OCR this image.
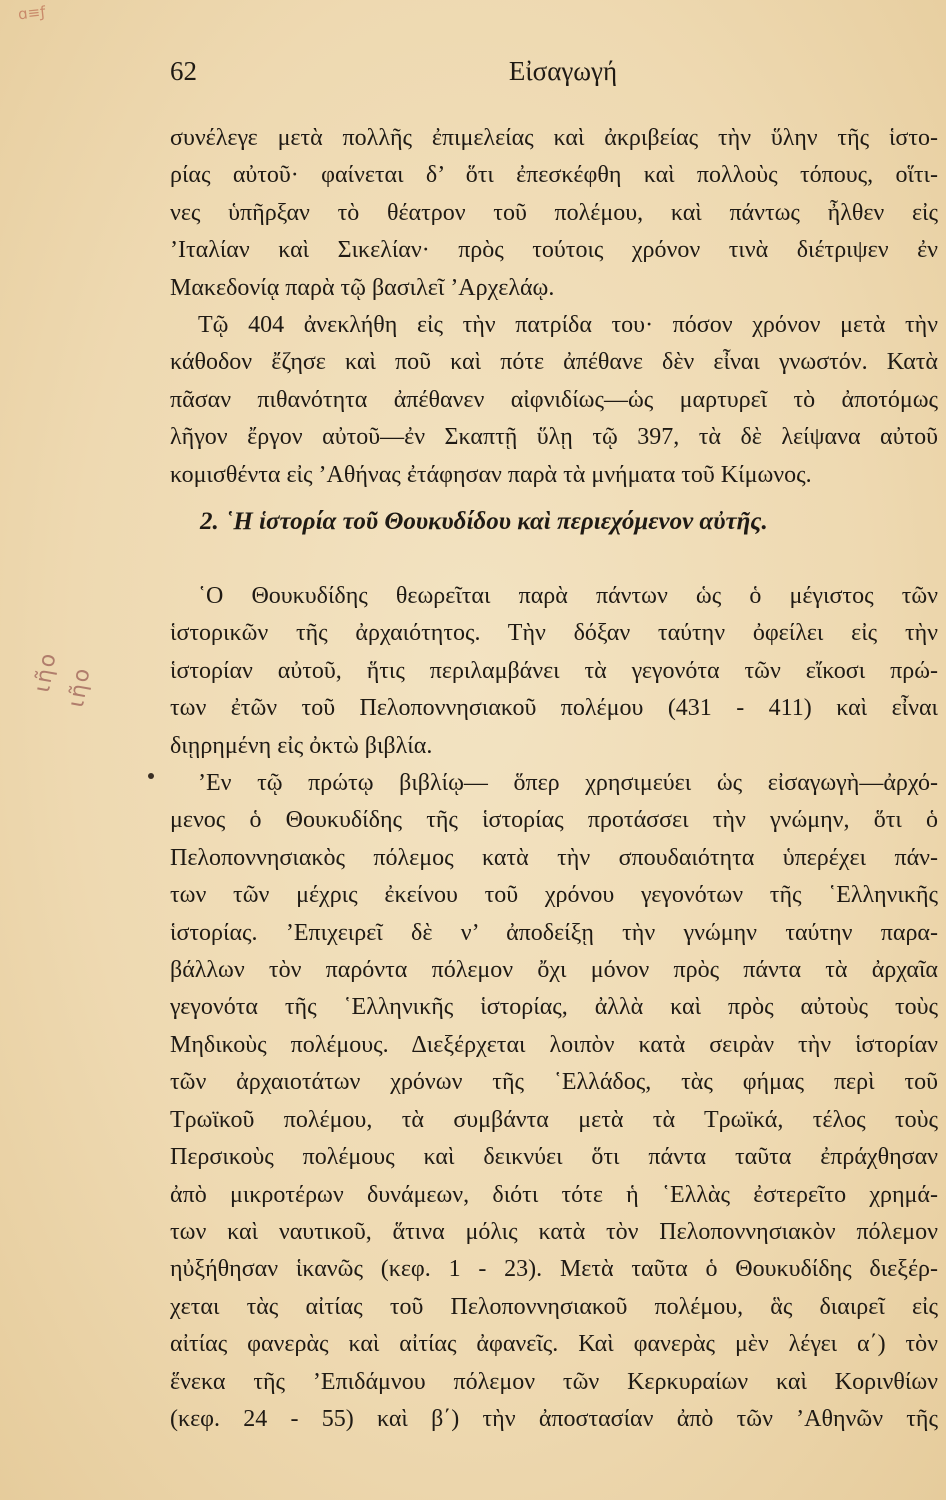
ɑ≡ƒ
62	Εἰσαγωγή
ιη̃ο ιη̃ο

συνέλεγε μετὰ πολλῆς ἐπιμελείας καὶ ἀκριβείας τὴν ὕλην τῆς ἱστο-
ρίας αὐτοῦ· φαίνεται δ’ ὅτι ἐπεσκέφθη καὶ πολλοὺς τόπους, οἵτι-
νες ὑπῆρξαν τὸ θέατρον τοῦ πολέμου, καὶ πάντως ἦλθεν εἰς
’Ιταλίαν καὶ Σικελίαν· πρὸς τούτοις χρόνον τινὰ διέτριψεν ἐν
Μακεδονίᾳ παρὰ τῷ βασιλεῖ ’Αρχελάῳ.

Τῷ 404 ἀνεκλήθη εἰς τὴν πατρίδα του· πόσον χρόνον μετὰ τὴν
κάθοδον ἔζησε καὶ ποῦ καὶ πότε ἀπέθανε δὲν εἶναι γνωστόν. Κατὰ
πᾶσαν πιθανότητα ἀπέθανεν αἰφνιδίως—ὡς μαρτυρεῖ τὸ ἀποτόμως
λῆγον ἔργον αὐτοῦ—ἐν Σκαπτῇ ὕλῃ τῷ 397, τὰ δὲ λείψανα αὐτοῦ
κομισθέντα εἰς ’Αθήνας ἐτάφησαν παρὰ τὰ μνήματα τοῦ Κίμωνος.

2. ῾Η ἱστορία τοῦ Θουκυδίδου καὶ περιεχόμενον αὐτῆς.

῾Ο Θουκυδίδης θεωρεῖται παρὰ πάντων ὡς ὁ μέγιστος τῶν
ἱστορικῶν τῆς ἀρχαιότητος. Τὴν δόξαν ταύτην ὀφείλει εἰς τὴν
ἱστορίαν αὐτοῦ, ἥτις περιλαμβάνει τὰ γεγονότα τῶν εἴκοσι πρώ-
των ἐτῶν τοῦ Πελοποννησιακοῦ πολέμου (431 - 411) καὶ εἶναι
διῃρημένη εἰς ὀκτὼ βιβλία.

’Εν τῷ πρώτῳ βιβλίῳ— ὅπερ χρησιμεύει ὡς εἰσαγωγὴ—ἀρχό-
μενος ὁ Θουκυδίδης τῆς ἱστορίας προτάσσει τὴν γνώμην, ὅτι ὁ
Πελοποννησιακὸς πόλεμος κατὰ τὴν σπουδαιότητα ὑπερέχει πάν-
των τῶν μέχρις ἐκείνου τοῦ χρόνου γεγονότων τῆς ῾Ελληνικῆς
ἱστορίας. ’Επιχειρεῖ δὲ ν’ ἀποδείξῃ τὴν γνώμην ταύτην παρα-
βάλλων τὸν παρόντα πόλεμον ὄχι μόνον πρὸς πάντα τὰ ἀρχαῖα
γεγονότα τῆς ῾Ελληνικῆς ἱστορίας, ἀλλὰ καὶ πρὸς αὐτοὺς τοὺς
Μηδικοὺς πολέμους. Διεξέρχεται λοιπὸν κατὰ σειρὰν τὴν ἱστορίαν
τῶν ἀρχαιοτάτων χρόνων τῆς ῾Ελλάδος, τὰς φήμας περὶ τοῦ
Τρωϊκοῦ πολέμου, τὰ συμβάντα μετὰ τὰ Τρωϊκά, τέλος τοὺς
Περσικοὺς πολέμους καὶ δεικνύει ὅτι πάντα ταῦτα ἐπράχθησαν
ἀπὸ μικροτέρων δυνάμεων, διότι τότε ἡ ῾Ελλὰς ἐστερεῖτο χρημά-
των καὶ ναυτικοῦ, ἅτινα μόλις κατὰ τὸν Πελοποννησιακὸν πόλεμον
ηὐξήθησαν ἱκανῶς (κεφ. 1 - 23). Μετὰ ταῦτα ὁ Θουκυδίδης διεξέρ-
χεται τὰς αἰτίας τοῦ Πελοποννησιακοῦ πολέμου, ἃς διαιρεῖ εἰς
αἰτίας φανερὰς καὶ αἰτίας ἀφανεῖς. Καὶ φανερὰς μὲν λέγει α΄) τὸν
ἕνεκα τῆς ’Επιδάμνου πόλεμον τῶν Κερκυραίων καὶ Κορινθίων
(κεφ. 24 - 55) καὶ β΄) τὴν ἀποστασίαν ἀπὸ τῶν ’Αθηνῶν τῆς
